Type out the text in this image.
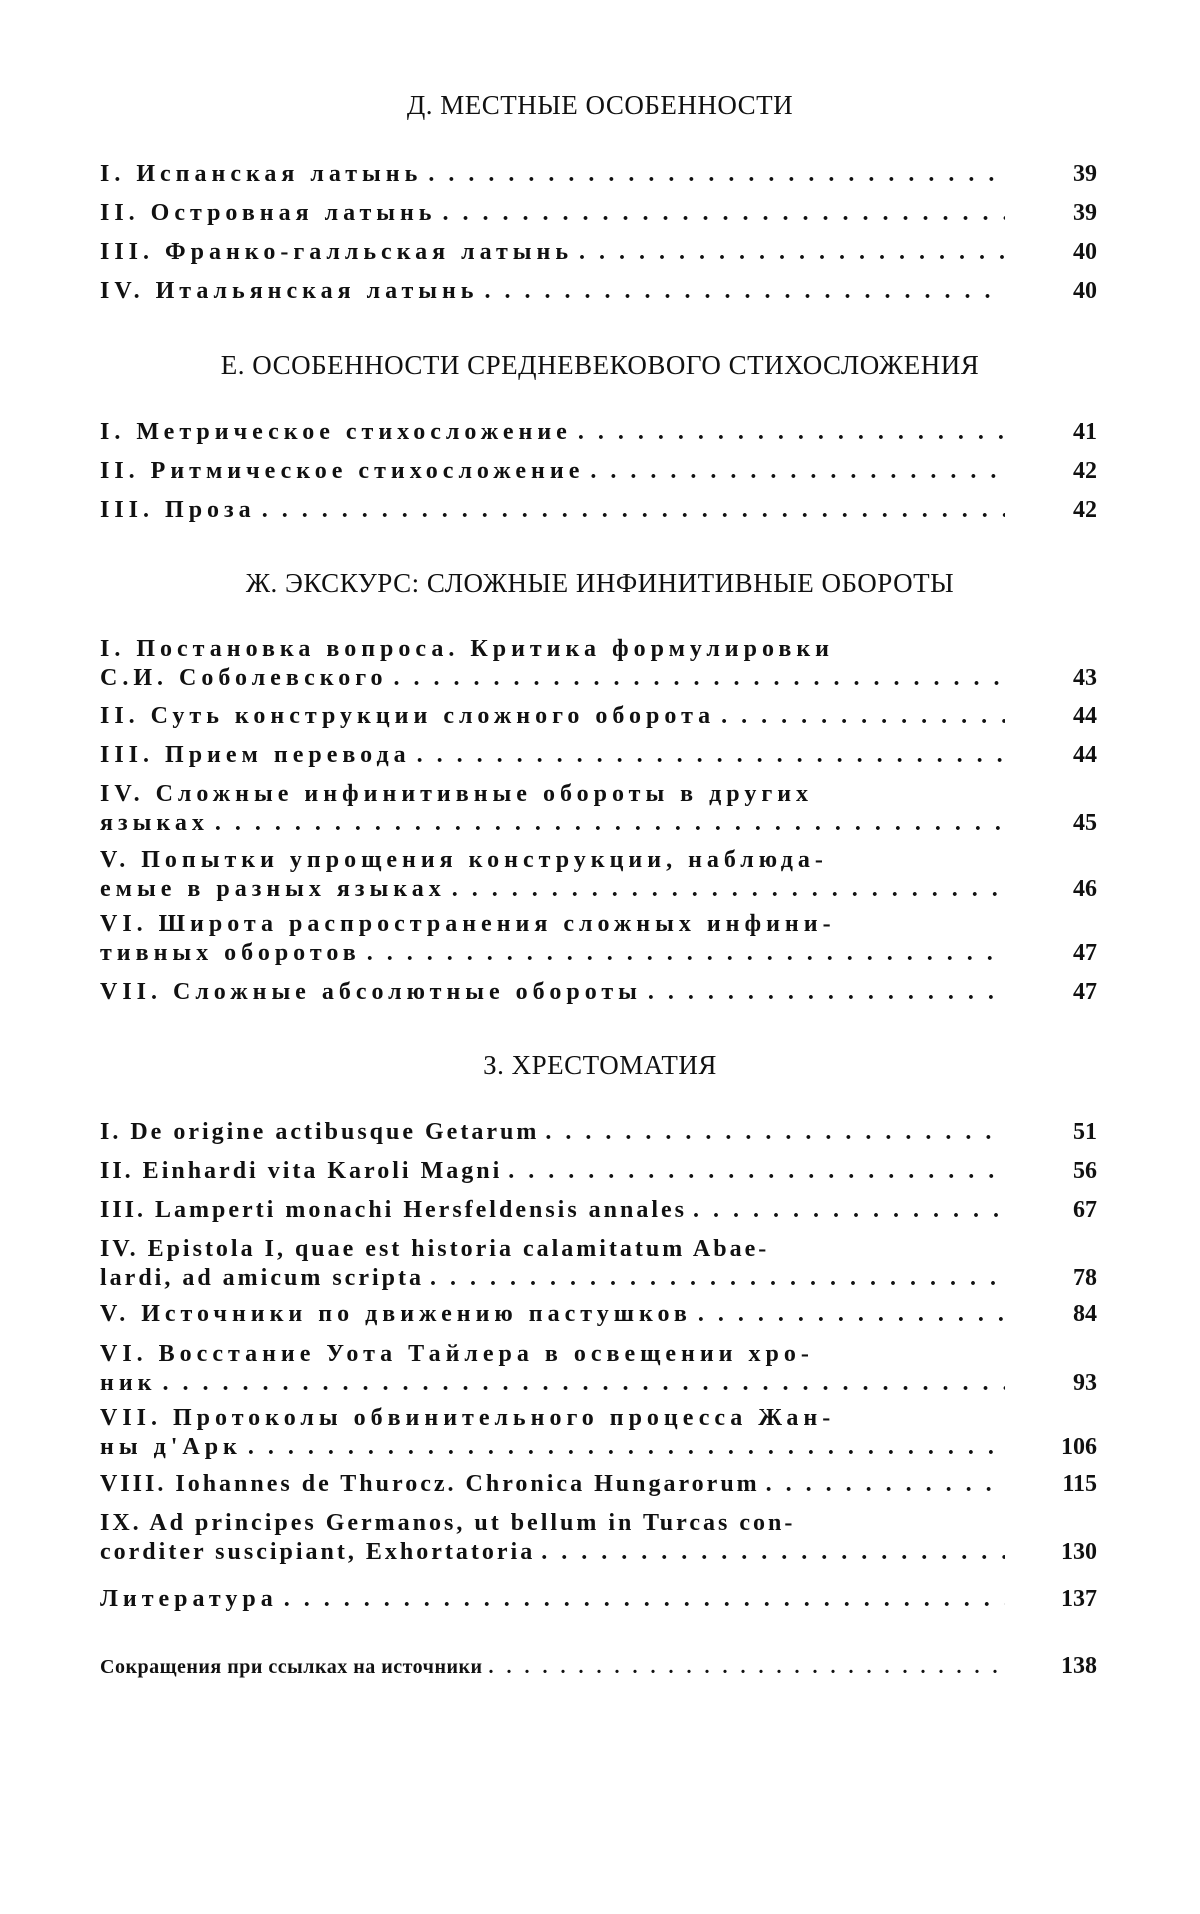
Д. МЕСТНЫЕ ОСОБЕННОСТИ
I. Испанская латынь . . .	39
II. Островная латынь . . .	39
III. Франко-галльская латынь . . .	40
IV. Итальянская латынь . . .	40
Е. ОСОБЕННОСТИ СРЕДНЕВЕКОВОГО СТИХОСЛОЖЕНИЯ
I. Метрическое стихосложение . . .	41
II. Ритмическое стихосложение . . .	42
III. Проза . . .	42
Ж. ЭКСКУРС: СЛОЖНЫЕ ИНФИНИТИВНЫЕ ОБОРОТЫ
I. Постановка вопроса. Критика формулировки
С.И. Соболевского . . .	43
II. Суть конструкции сложного оборота . . .	44
III. Прием перевода . . .	44
IV. Сложные инфинитивные обороты в других
языках . . .	45
V. Попытки упрощения конструкции, наблюда-
емые в разных языках . . .	46
VI. Широта распространения сложных инфини-
тивных оборотов . . .	47
VII. Сложные абсолютные обороты . . .	47
З. ХРЕСТОМАТИЯ
I. De origine actibusque Getarum . . .	51
II. Einhardi vita Karoli Magni . . .	56
III. Lamperti monachi Hersfeldensis annales . . .	67
IV. Epistola I, quae est historia calamitatum Abae-
lardi, ad amicum scripta . . .	78
V. Источники по движению пастушков . . .	84
VI. Восстание Уота Тайлера в освещении хро-
ник . . .	93
VII. Протоколы обвинительного процесса Жан-
ны д'Арк . . .	106
VIII. Iohannes de Thurocz. Chronica Hungarorum . . .	115
IX. Ad principes Germanos, ut bellum in Turcas con-
corditer suscipiant, Exhortatoria . . .	130
Литература . . .	137
Сокращения при ссылках на источники . . .	138
